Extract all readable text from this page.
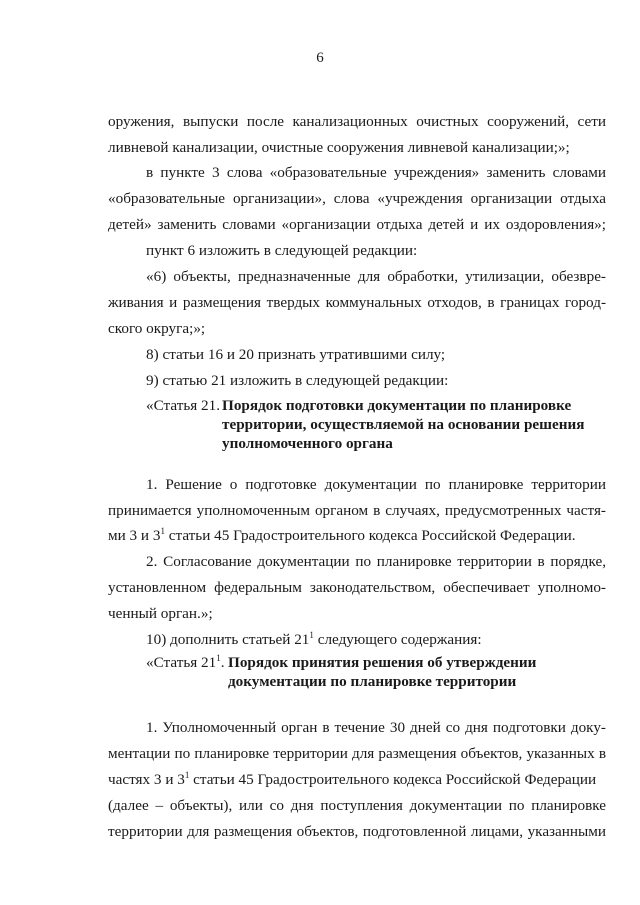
6
оружения, выпуски после канализационных очистных сооружений, сети
ливневой канализации, очистные сооружения ливневой канализации;»;
в пункте 3 слова «образовательные учреждения» заменить словами
«образовательные организации», слова «учреждения организации отдыха
детей» заменить словами «организации отдыха детей и их оздоровления»;
пункт 6 изложить в следующей редакции:
«6) объекты, предназначенные для обработки, утилизации, обезвре-
живания и размещения твердых коммунальных отходов, в границах город-
ского округа;»;
8) статьи 16 и 20 признать утратившими силу;
9) статью 21 изложить в следующей редакции:
«Статья 21. Порядок подготовки документации по планировке
территории, осуществляемой на основании решения
уполномоченного органа
1. Решение о подготовке документации по планировке территории
принимается уполномоченным органом в случаях, предусмотренных частя-
ми 3 и $3^1$ статьи 45 Градостроительного кодекса Российской Федерации.
2. Согласование документации по планировке территории в порядке,
установленном федеральным законодательством, обеспечивает уполномо-
ченный орган.»;
10) дополнить статьей $21^1$ следующего содержания:
«Статья $21^1$. Порядок принятия решения об утверждении
документации по планировке территории
1. Уполномоченный орган в течение 30 дней со дня подготовки доку-
ментации по планировке территории для размещения объектов, указанных в
частях 3 и $3^1$ статьи 45 Градостроительного кодекса Российской Федерации
(далее – объекты), или со дня поступления документации по планировке
территории для размещения объектов, подготовленной лицами, указанными
